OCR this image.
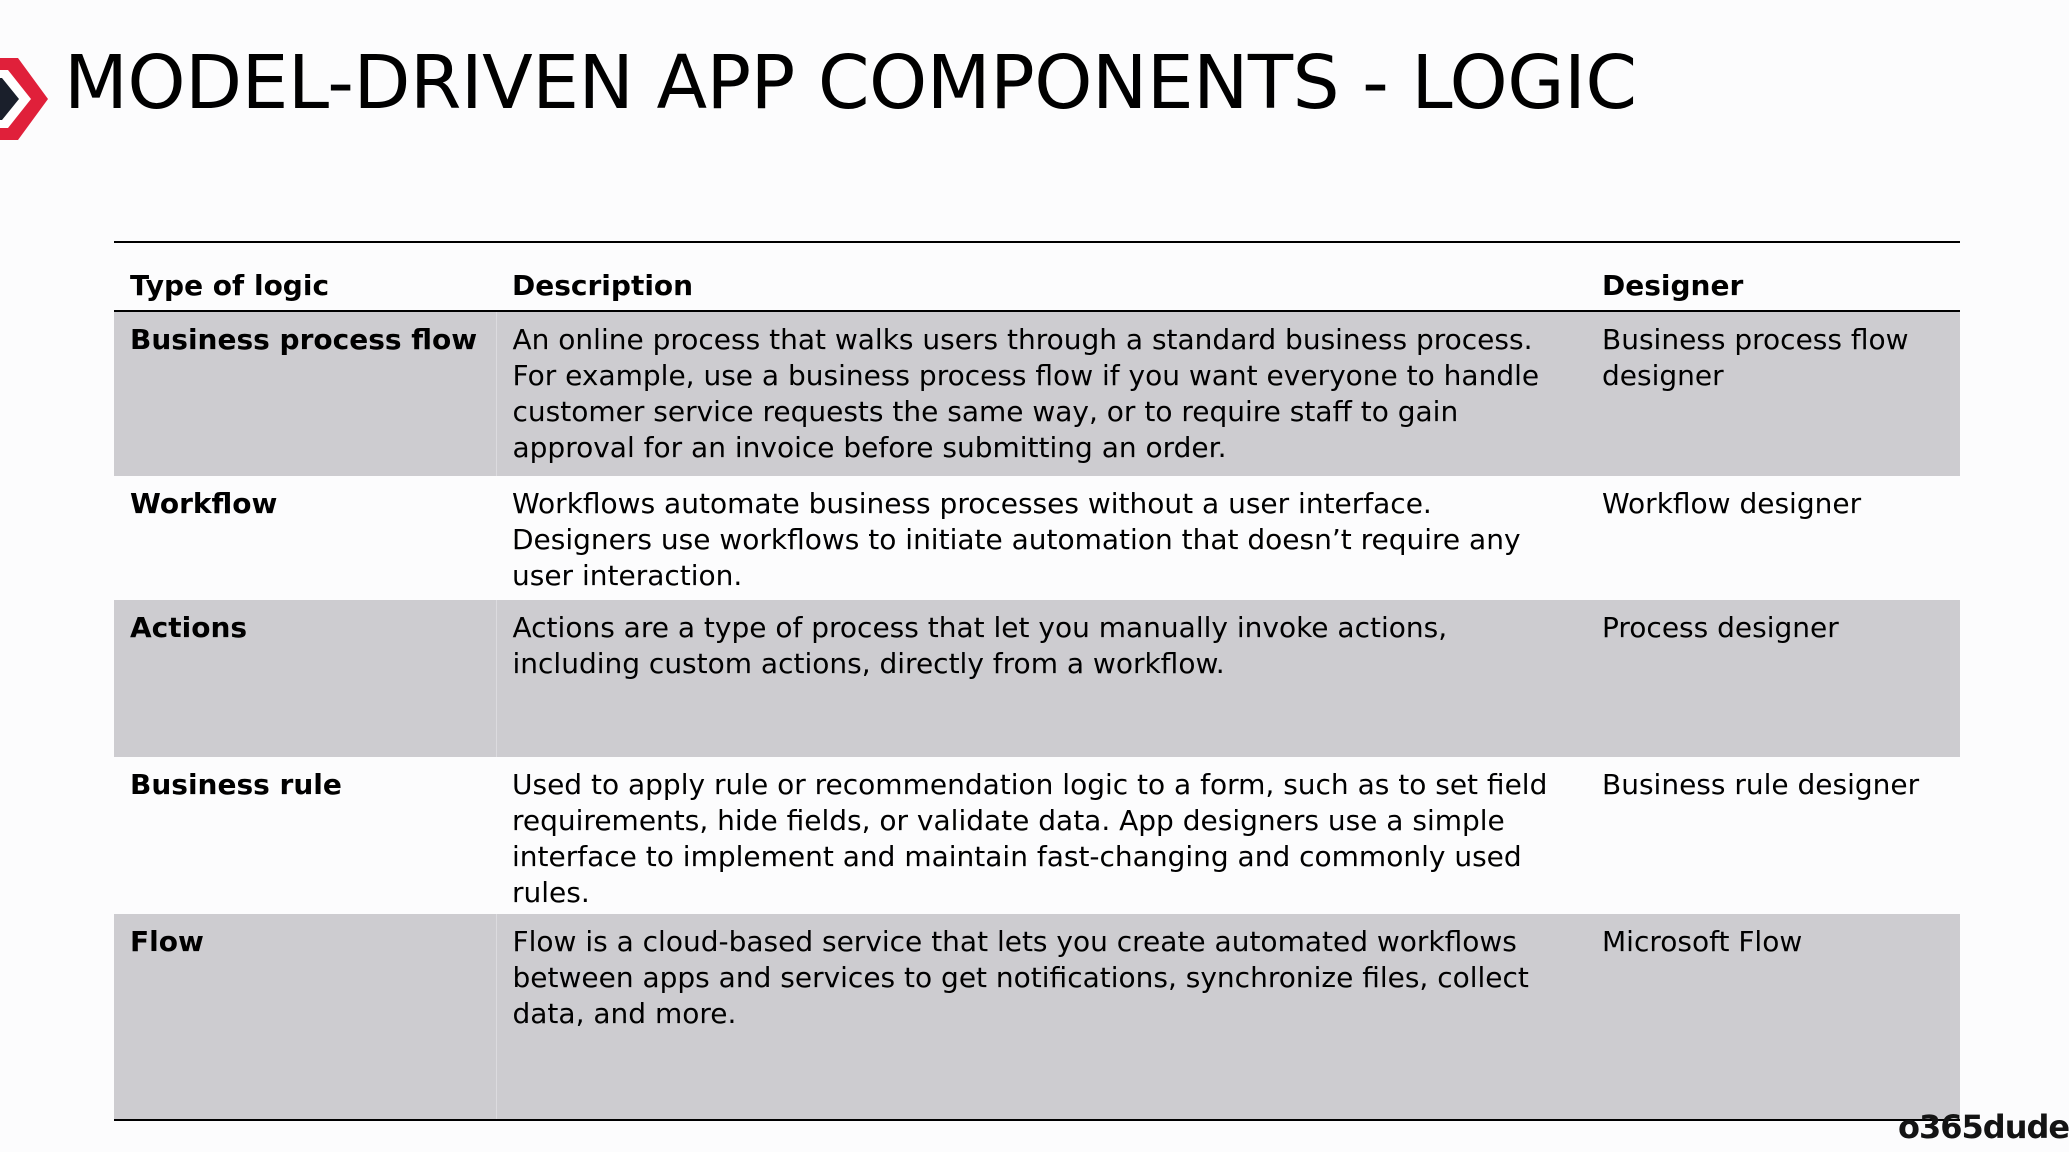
MODEL-DRIVEN APP COMPONENTS - LOGIC
Type of logic	Description	Designer
Business process flow	An online process that walks users through a standard business process. For example, use a business process flow if you want everyone to handle customer service requests the same way, or to require staff to gain approval for an invoice before submitting an order.	Business process flow designer
Workflow	Workflows automate business processes without a user interface. Designers use workflows to initiate automation that doesn’t require any user interaction.	Workflow designer
Actions	Actions are a type of process that let you manually invoke actions, including custom actions, directly from a workflow.	Process designer
Business rule	Used to apply rule or recommendation logic to a form, such as to set field requirements, hide fields, or validate data. App designers use a simple interface to implement and maintain fast-changing and commonly used rules.	Business rule designer
Flow	Flow is a cloud-based service that lets you create automated workflows between apps and services to get notifications, synchronize files, collect data, and more.	Microsoft Flow
o365dude
